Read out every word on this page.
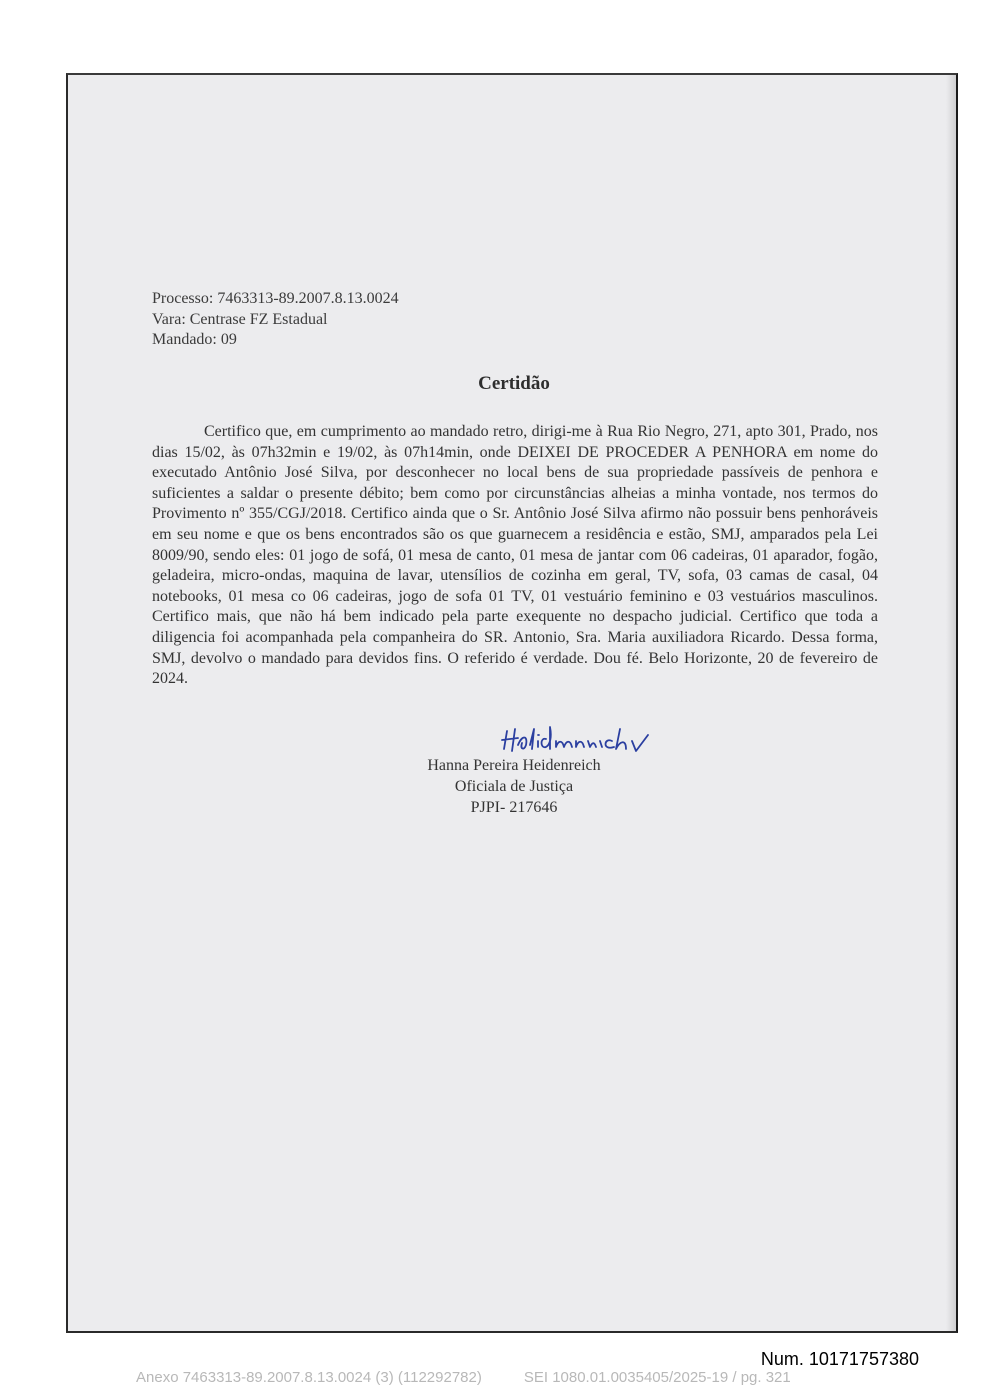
Processo: 7463313-89.2007.8.13.0024
Vara: Centrase FZ Estadual
Mandado: 09
Certidão

Certifico que, em cumprimento ao mandado retro, dirigi-me à Rua Rio Negro, 271, apto 301, Prado, nos dias 15/02, às 07h32min e 19/02, às 07h14min, onde DEIXEI DE PROCEDER A PENHORA em nome do executado Antônio José Silva, por desconhecer no local bens de sua propriedade passíveis de penhora e suficientes a saldar o presente débito; bem como por circunstâncias alheias a minha vontade, nos termos do Provimento nº 355/CGJ/2018. Certifico ainda que o Sr. Antônio José Silva afirmo não possuir bens penhoráveis em seu nome e que os bens encontrados são os que guarnecem a residência e estão, SMJ, amparados pela Lei 8009/90, sendo eles: 01 jogo de sofá, 01 mesa de canto, 01 mesa de jantar com 06 cadeiras, 01 aparador, fogão, geladeira, micro-ondas, maquina de lavar, utensílios de cozinha em geral, TV, sofa, 03 camas de casal, 04 notebooks, 01 mesa co 06 cadeiras, jogo de sofa 01 TV, 01 vestuário feminino e 03 vestuários masculinos. Certifico mais, que não há bem indicado pela parte exequente no despacho judicial. Certifico que toda a diligencia foi acompanhada pela companheira do SR. Antonio, Sra. Maria auxiliadora Ricardo. Dessa forma, SMJ, devolvo o mandado para devidos fins. O referido é verdade. Dou fé. Belo Horizonte, 20 de fevereiro de 2024.

Hanna Pereira Heidenreich
Oficiala de Justiça
PJPI- 217646
Num. 10171757380
Anexo 7463313-89.2007.8.13.0024 (3) (112292782)	SEI 1080.01.0035405/2025-19 / pg. 321
